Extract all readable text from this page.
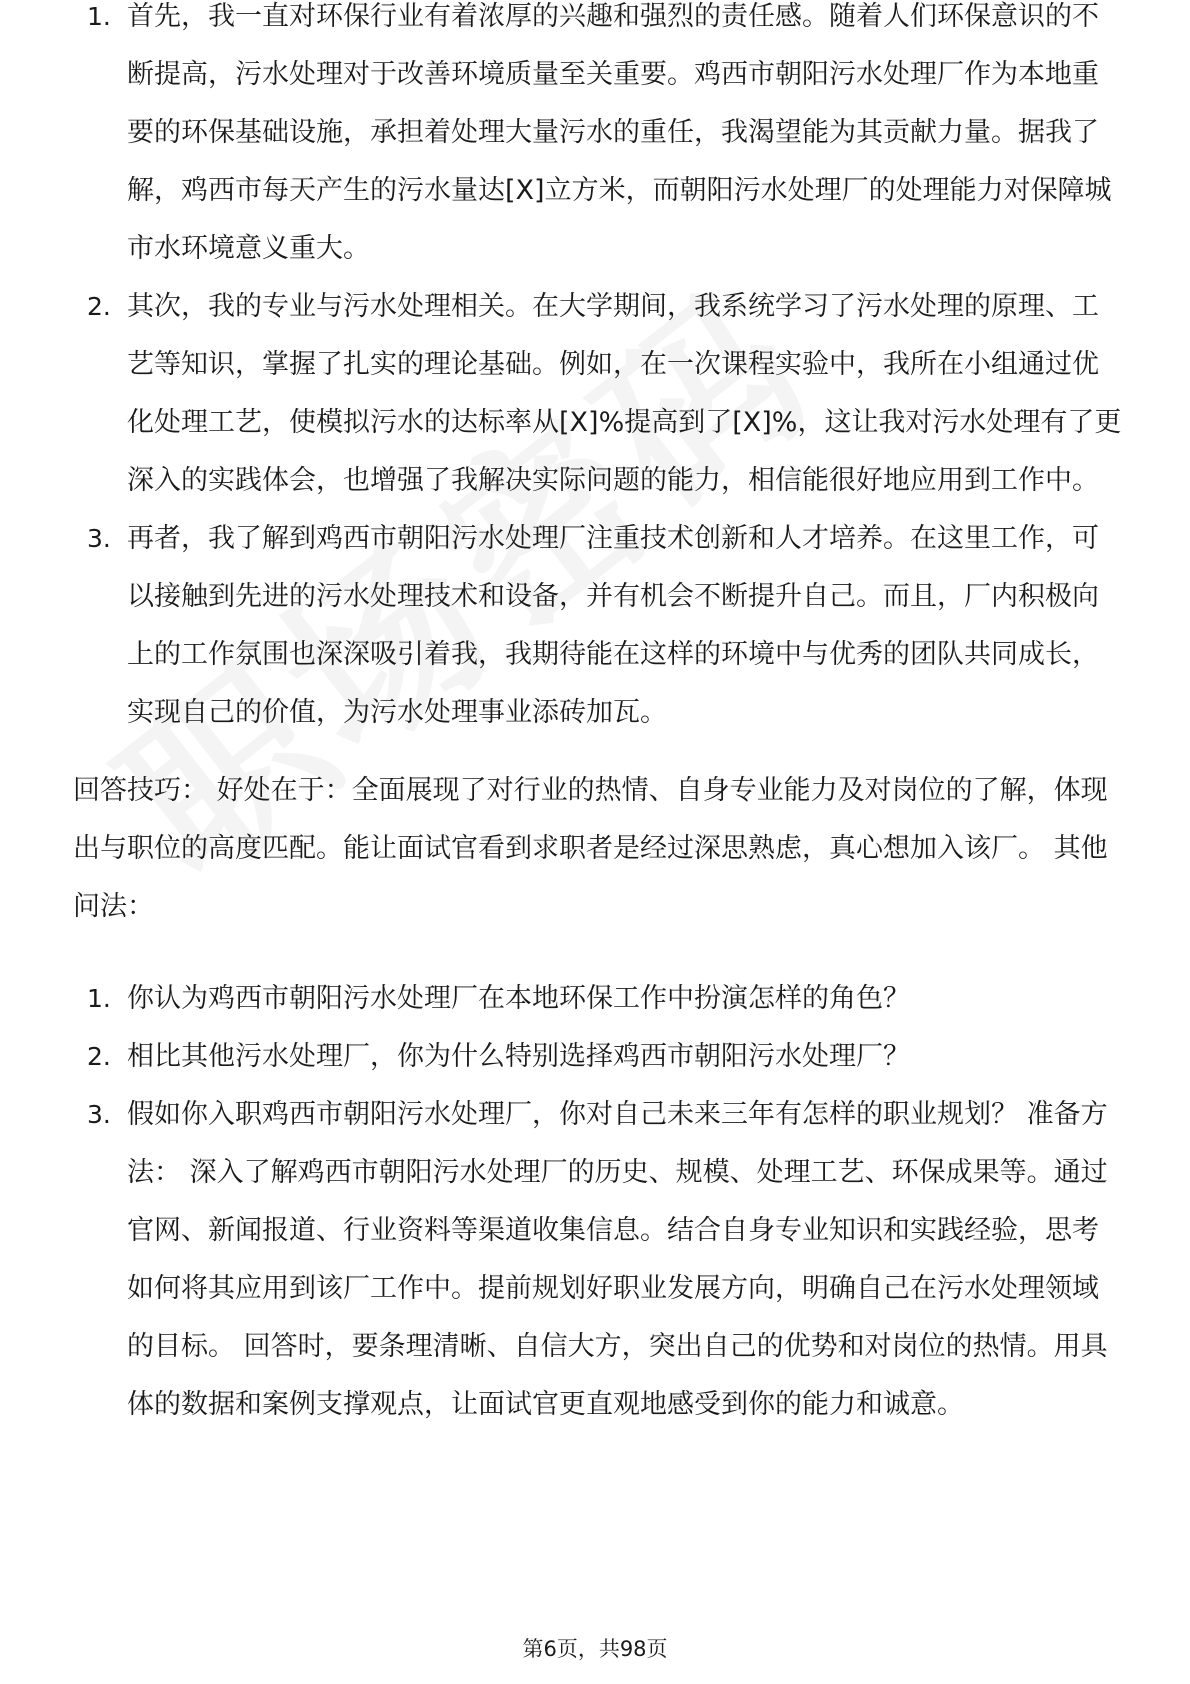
1. 首先，我一直对环保行业有着浓厚的兴趣和强烈的责任感。随着人们环保意识的不断提高，污水处理对于改善环境质量至关重要。鸡西市朝阳污水处理厂作为本地重要的环保基础设施，承担着处理大量污水的重任，我渴望能为其贡献力量。据我了解，鸡西市每天产生的污水量达[X]立方米，而朝阳污水处理厂的处理能力对保障城市水环境意义重大。
2. 其次，我的专业与污水处理相关。在大学期间，我系统学习了污水处理的原理、工艺等知识，掌握了扎实的理论基础。例如，在一次课程实验中，我所在小组通过优化处理工艺，使模拟污水的达标率从[X]%提高到了[X]%，这让我对污水处理有了更深入的实践体会，也增强了我解决实际问题的能力，相信能很好地应用到工作中。
3. 再者，我了解到鸡西市朝阳污水处理厂注重技术创新和人才培养。在这里工作，可以接触到先进的污水处理技术和设备，并有机会不断提升自己。而且，厂内积极向上的工作氛围也深深吸引着我，我期待能在这样的环境中与优秀的团队共同成长，实现自己的价值，为污水处理事业添砖加瓦。

回答技巧： 好处在于：全面展现了对行业的热情、自身专业能力及对岗位的了解，体现出与职位的高度匹配。能让面试官看到求职者是经过深思熟虑，真心想加入该厂。 其他问法：

1. 你认为鸡西市朝阳污水处理厂在本地环保工作中扮演怎样的角色？
2. 相比其他污水处理厂，你为什么特别选择鸡西市朝阳污水处理厂？
3. 假如你入职鸡西市朝阳污水处理厂，你对自己未来三年有怎样的职业规划？ 准备方法： 深入了解鸡西市朝阳污水处理厂的历史、规模、处理工艺、环保成果等。通过官网、新闻报道、行业资料等渠道收集信息。结合自身专业知识和实践经验，思考如何将其应用到该厂工作中。提前规划好职业发展方向，明确自己在污水处理领域的目标。 回答时，要条理清晰、自信大方，突出自己的优势和对岗位的热情。用具体的数据和案例支撑观点，让面试官更直观地感受到你的能力和诚意。
第6页，共98页
